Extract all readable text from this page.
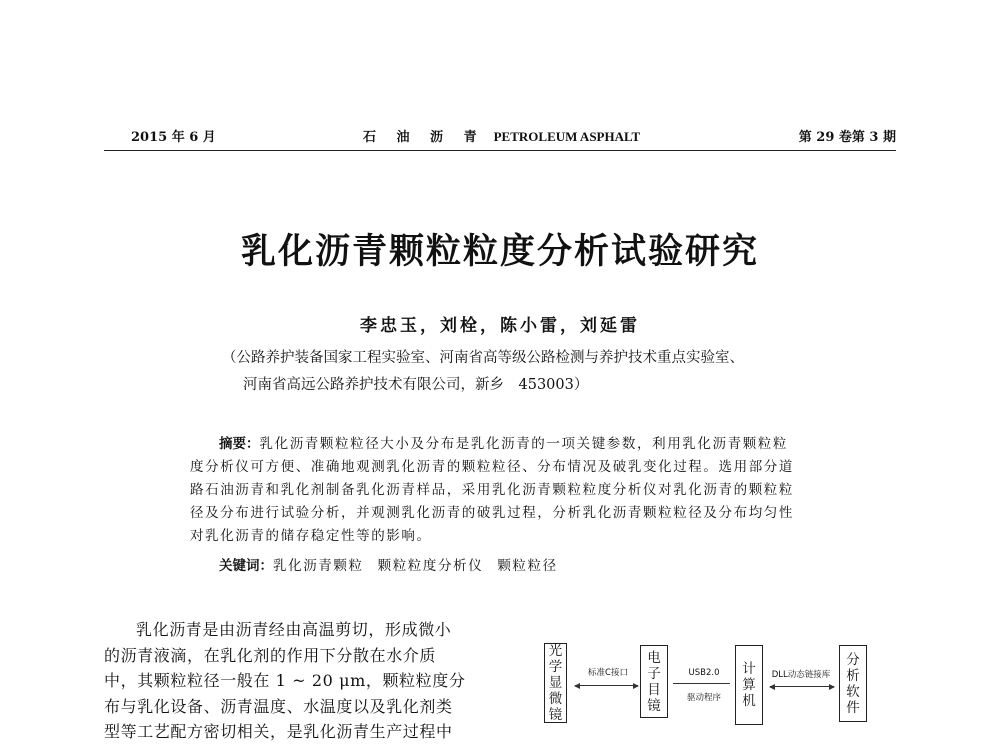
2015 年 6 月	石 油 沥 青 PETROLEUM ASPHALT	第 29 卷第 3 期
乳化沥青颗粒粒度分析试验研究
李忠玉，刘栓，陈小雷，刘延雷
（公路养护装备国家工程实验室、河南省高等级公路检测与养护技术重点实验室、
河南省高远公路养护技术有限公司，新乡　453003）
摘要：乳化沥青颗粒粒径大小及分布是乳化沥青的一项关键参数，利用乳化沥青颗粒粒
度分析仪可方便、准确地观测乳化沥青的颗粒粒径、分布情况及破乳变化过程。选用部分道
路石油沥青和乳化剂制备乳化沥青样品，采用乳化沥青颗粒粒度分析仪对乳化沥青的颗粒粒
径及分布进行试验分析，并观测乳化沥青的破乳过程，分析乳化沥青颗粒粒径及分布均匀性
对乳化沥青的储存稳定性等的影响。
关键词：乳化沥青颗粒 颗粒粒度分析仪 颗粒粒径
乳化沥青是由沥青经由高温剪切，形成微小
的沥青液滴，在乳化剂的作用下分散在水介质
中，其颗粒粒径一般在 1 ~ 20 μm，颗粒粒度分
布与乳化设备、沥青温度、水温度以及乳化剂类
型等工艺配方密切相关，是乳化沥青生产过程中
光
学
显
微
镜
标准C接口
电
子
目
镜
USB2.0
驱动程序
计
算
机
DLL动态链接库
分
析
软
件
